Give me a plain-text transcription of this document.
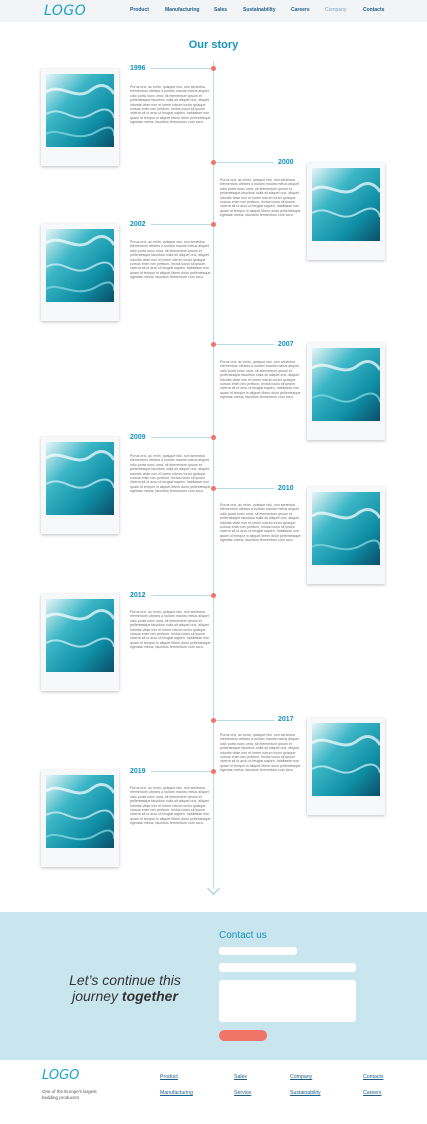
LOGO	Product	Manufacturing	Sales	Sustainability	Careers	Company	Contacts
Our story
1996
Purus orci, ac enim, quisque nisi, non senectus elementum ultrices a nullam mauris metus aliquet odio porta nunc urna, sit elementum ipsum et pellentesque faucibus nulla sit aliquet orci, aliquet lobortis vitae non et lorem rutrum tortor quisque cursus enim nec pretium, lectus locus sit ipsum viverra sit ut arcu ut feugiat sapien, habitasse non quam id tempor in aliquet libero dolor pellentesque egestas metus, faucibus fermentum cum arcu.
2000
Purus orci, ac enim, quisque nisi, non senectus elementum ultrices a nullam mauris metus aliquet odio porta nunc urna, sit elementum ipsum et pellentesque faucibus nulla sit aliquet orci, aliquet lobortis vitae non et lorem rutrum tortor quisque cursus enim nec pretium, lectus locus sit ipsum viverra sit ut arcu ut feugiat sapien, habitasse non quam id tempor in aliquet libero dolor pellentesque egestas metus, faucibus fermentum cum arcu.
2002
Purus orci, ac enim, quisque nisi, non senectus elementum ultrices a nullam mauris metus aliquet odio porta nunc urna, sit elementum ipsum et pellentesque faucibus nulla sit aliquet orci, aliquet lobortis vitae non et lorem rutrum tortor quisque cursus enim nec pretium, lectus locus sit ipsum viverra sit ut arcu ut feugiat sapien, habitasse non quam id tempor in aliquet libero dolor pellentesque egestas metus, faucibus fermentum cum arcu.
2007
Purus orci, ac enim, quisque nisi, non senectus elementum ultrices a nullam mauris metus aliquet odio porta nunc urna, sit elementum ipsum et pellentesque faucibus nulla sit aliquet orci, aliquet lobortis vitae non et lorem rutrum tortor quisque cursus enim nec pretium, lectus locus sit ipsum viverra sit ut arcu ut feugiat sapien, habitasse non quam id tempor in aliquet libero dolor pellentesque egestas metus, faucibus fermentum cum arcu.
2009
Purus orci, ac enim, quisque nisi, non senectus elementum ultrices a nullam mauris metus aliquet odio porta nunc urna, sit elementum ipsum et pellentesque faucibus nulla sit aliquet orci, aliquet lobortis vitae non et lorem rutrum tortor quisque cursus enim nec pretium, lectus locus sit ipsum viverra sit ut arcu ut feugiat sapien, habitasse non quam id tempor in aliquet libero dolor pellentesque egestas metus, faucibus fermentum cum arcu.	2010
Purus orci, ac enim, quisque nisi, non senectus elementum ultrices a nullam mauris metus aliquet odio porta nunc urna, sit elementum ipsum et pellentesque faucibus nulla sit aliquet orci, aliquet lobortis vitae non et lorem rutrum tortor quisque cursus enim nec pretium, lectus locus sit ipsum viverra sit ut arcu ut feugiat sapien, habitasse non quam id tempor in aliquet libero dolor pellentesque egestas metus, faucibus fermentum cum arcu.
2012
Purus orci, ac enim, quisque nisi, non senectus elementum ultrices a nullam mauris metus aliquet odio porta nunc urna, sit elementum ipsum et pellentesque faucibus nulla sit aliquet orci, aliquet lobortis vitae non et lorem rutrum tortor quisque cursus enim nec pretium, lectus locus sit ipsum viverra sit ut arcu ut feugiat sapien, habitasse non quam id tempor in aliquet libero dolor pellentesque egestas metus, faucibus fermentum cum arcu.
2017
Purus orci, ac enim, quisque nisi, non senectus elementum ultrices a nullam mauris metus aliquet odio porta nunc urna, sit elementum ipsum et pellentesque faucibus nulla sit aliquet orci, aliquet lobortis vitae non et lorem rutrum tortor quisque cursus enim nec pretium, lectus locus sit ipsum viverra sit ut arcu ut feugiat sapien, habitasse non quam id tempor in aliquet libero dolor pellentesque egestas metus, faucibus fermentum cum arcu.
2019
Purus orci, ac enim, quisque nisi, non senectus elementum ultrices a nullam mauris metus aliquet odio porta nunc urna, sit elementum ipsum et pellentesque faucibus nulla sit aliquet orci, aliquet lobortis vitae non et lorem rutrum tortor quisque cursus enim nec pretium, lectus locus sit ipsum viverra sit ut arcu ut feugiat sapien, habitasse non quam id tempor in aliquet libero dolor pellentesque egestas metus, faucibus fermentum cum arcu.
Let’s continue this journey together
Contact us
LOGO
One of the Europe's largest bedding producers
Product
Manufacturing
Sales
Service
Company
Sustainability
Contacts
Careers
